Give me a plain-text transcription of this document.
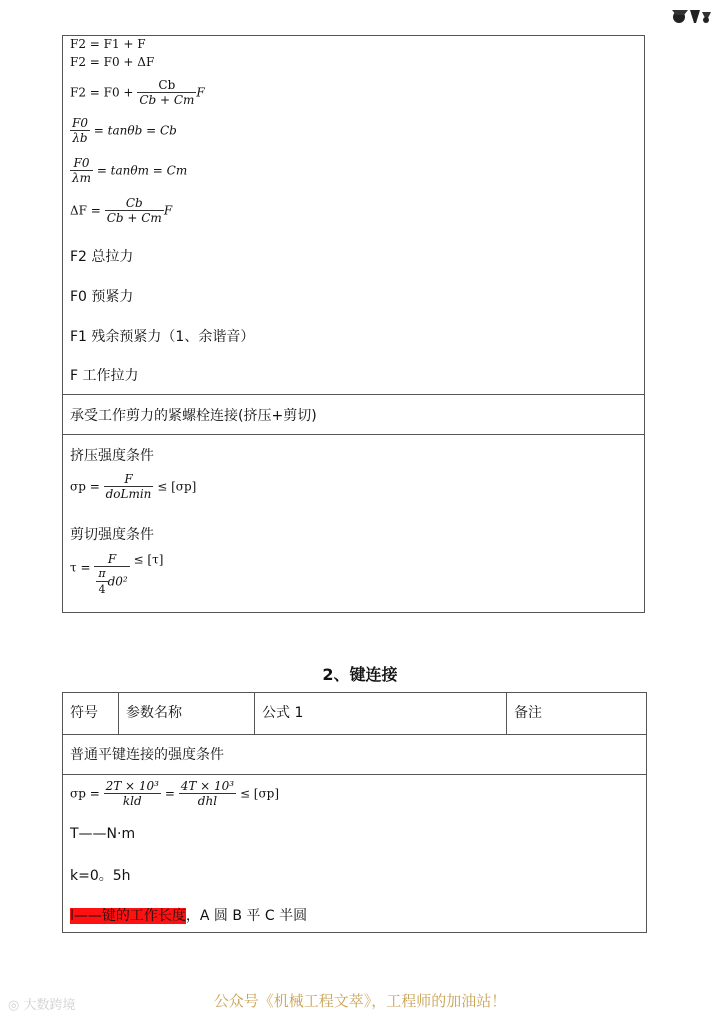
F2 = F1 + F
F2 = F0 + ΔF
$F2 = F0 + \frac{Cb}{Cb + Cm}$ F
$\frac{F0}{\lambda b} = \tan\theta b = Cb$
$\frac{F0}{\lambda m} = \tan\theta m = Cm$
$\Delta F = \frac{Cb}{Cb + Cm}$ F
F2 总拉力
F0 预紧力
F1 残余预紧力（1、余谐音）
F 工作拉力
承受工作剪力的紧螺栓连接(挤压+剪切)
挤压强度条件
$\sigma p = \frac{F}{\text{doLmin}} \le [\sigma p]$
剪切强度条件
$\tau = \frac{F}{\frac{\pi}{4} d0^2} \le [\tau]$
2、键连接
符号	参数名称	公式 1	备注
普通平键连接的强度条件
$\sigma p = \frac{\text{2T × 10³}}{\text{kld}} = \frac{\text{4T × 10³}}{\text{dhl}} \le [\sigma p]$
T——N·m
k=0。5h
l——键的工作长度，A 圆 B 平 C 半圆
◎ 大数跨境	公众号《机械工程文萃》，工程师的加油站！
